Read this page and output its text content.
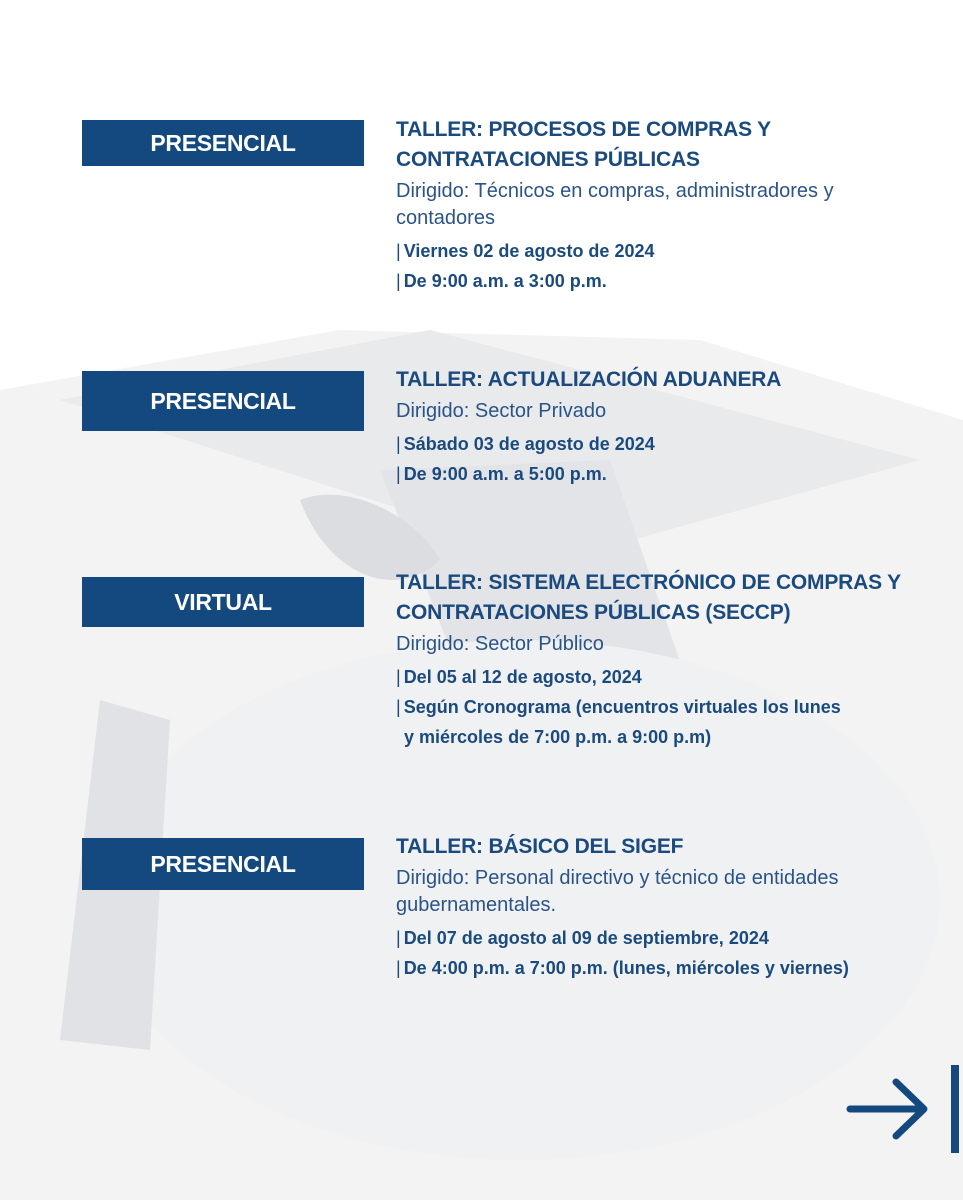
PRESENCIAL	TALLER: PROCESOS DE COMPRAS Y
CONTRATACIONES PÚBLICAS
Dirigido: Técnicos en compras, administradores y contadores
| Viernes 02 de agosto de 2024
| De 9:00 a.m. a 3:00 p.m.
PRESENCIAL
TALLER: ACTUALIZACIÓN ADUANERA
Dirigido: Sector Privado
| Sábado 03 de agosto de 2024
| De 9:00 a.m. a 5:00 p.m.
VIRTUAL
TALLER: SISTEMA ELECTRÓNICO DE COMPRAS Y
CONTRATACIONES PÚBLICAS (SECCP)
Dirigido: Sector Público
| Del 05 al 12 de agosto, 2024
| Según Cronograma (encuentros virtuales los lunes
y miércoles de 7:00 p.m. a 9:00 p.m)
PRESENCIAL
TALLER: BÁSICO DEL SIGEF
Dirigido: Personal directivo y técnico de entidades gubernamentales.
| Del 07 de agosto al 09 de septiembre, 2024
| De 4:00 p.m. a 7:00 p.m. (lunes, miércoles y viernes)
